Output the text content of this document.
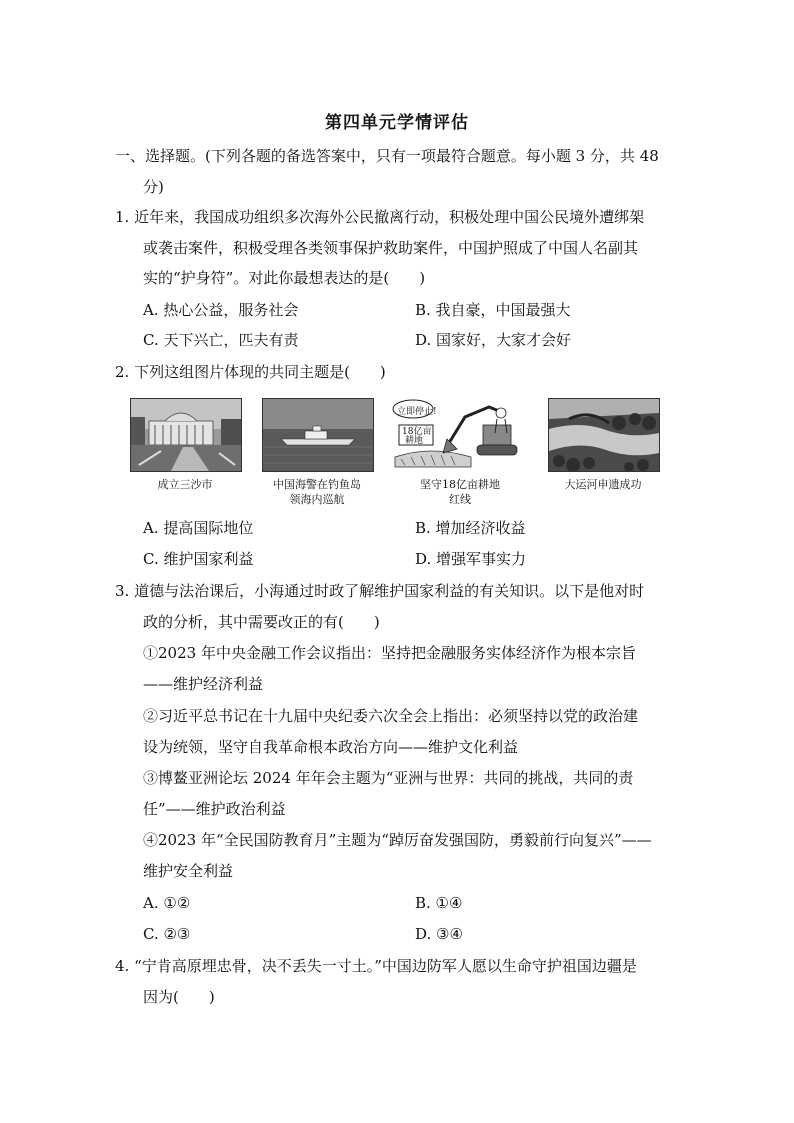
第四单元学情评估
一、选择题。(下列各题的备选答案中，只有一项最符合题意。每小题 3 分，共 48
分)
1. 近年来，我国成功组织多次海外公民撤离行动，积极处理中国公民境外遭绑架
或袭击案件，积极受理各类领事保护救助案件，中国护照成了中国人名副其
实的“护身符”。对此你最想表达的是(　　)
A. 热心公益，服务社会	B. 我自豪，中国最强大
C. 天下兴亡，匹夫有责	D. 国家好，大家才会好
2. 下列这组图片体现的共同主题是(　　)
立即停止!
18亿亩
耕地
成立三沙市	中国海警在钓鱼岛
领海内巡航
坚守18亿亩耕地
红线
大运河申遗成功
A. 提高国际地位	B. 增加经济收益
C. 维护国家利益	D. 增强军事实力
3. 道德与法治课后，小海通过时政了解维护国家利益的有关知识。以下是他对时
政的分析，其中需要改正的有(　　)
①2023 年中央金融工作会议指出：坚持把金融服务实体经济作为根本宗旨
——维护经济利益
②习近平总书记在十九届中央纪委六次全会上指出：必须坚持以党的政治建
设为统领，坚守自我革命根本政治方向——维护文化利益
③博鳌亚洲论坛 2024 年年会主题为“亚洲与世界：共同的挑战，共同的责
任”——维护政治利益
④2023 年“全民国防教育月”主题为“踔厉奋发强国防，勇毅前行向复兴”——
维护安全利益
A. ①②	B. ①④
C. ②③	D. ③④
4. “宁肯高原埋忠骨，决不丢失一寸土。”中国边防军人愿以生命守护祖国边疆是
因为(　　)
